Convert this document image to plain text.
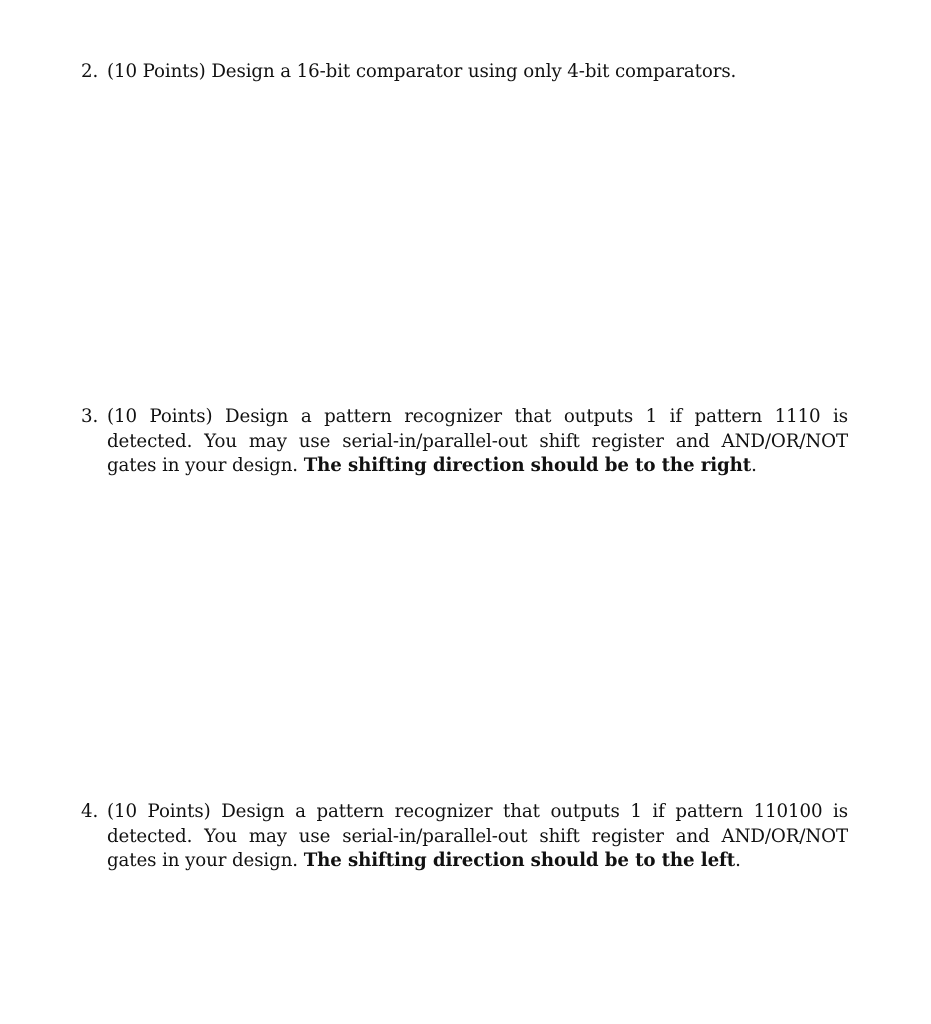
2. (10 Points) Design a 16-bit comparator using only 4-bit comparators.
3. (10 Points) Design a pattern recognizer that outputs 1 if pattern 1110 is detected. You may use serial-in/parallel-out shift register and AND/OR/NOT gates in your design. The shifting direction should be to the right.
4. (10 Points) Design a pattern recognizer that outputs 1 if pattern 110100 is detected. You may use serial-in/parallel-out shift register and AND/OR/NOT gates in your design. The shifting direction should be to the left.
